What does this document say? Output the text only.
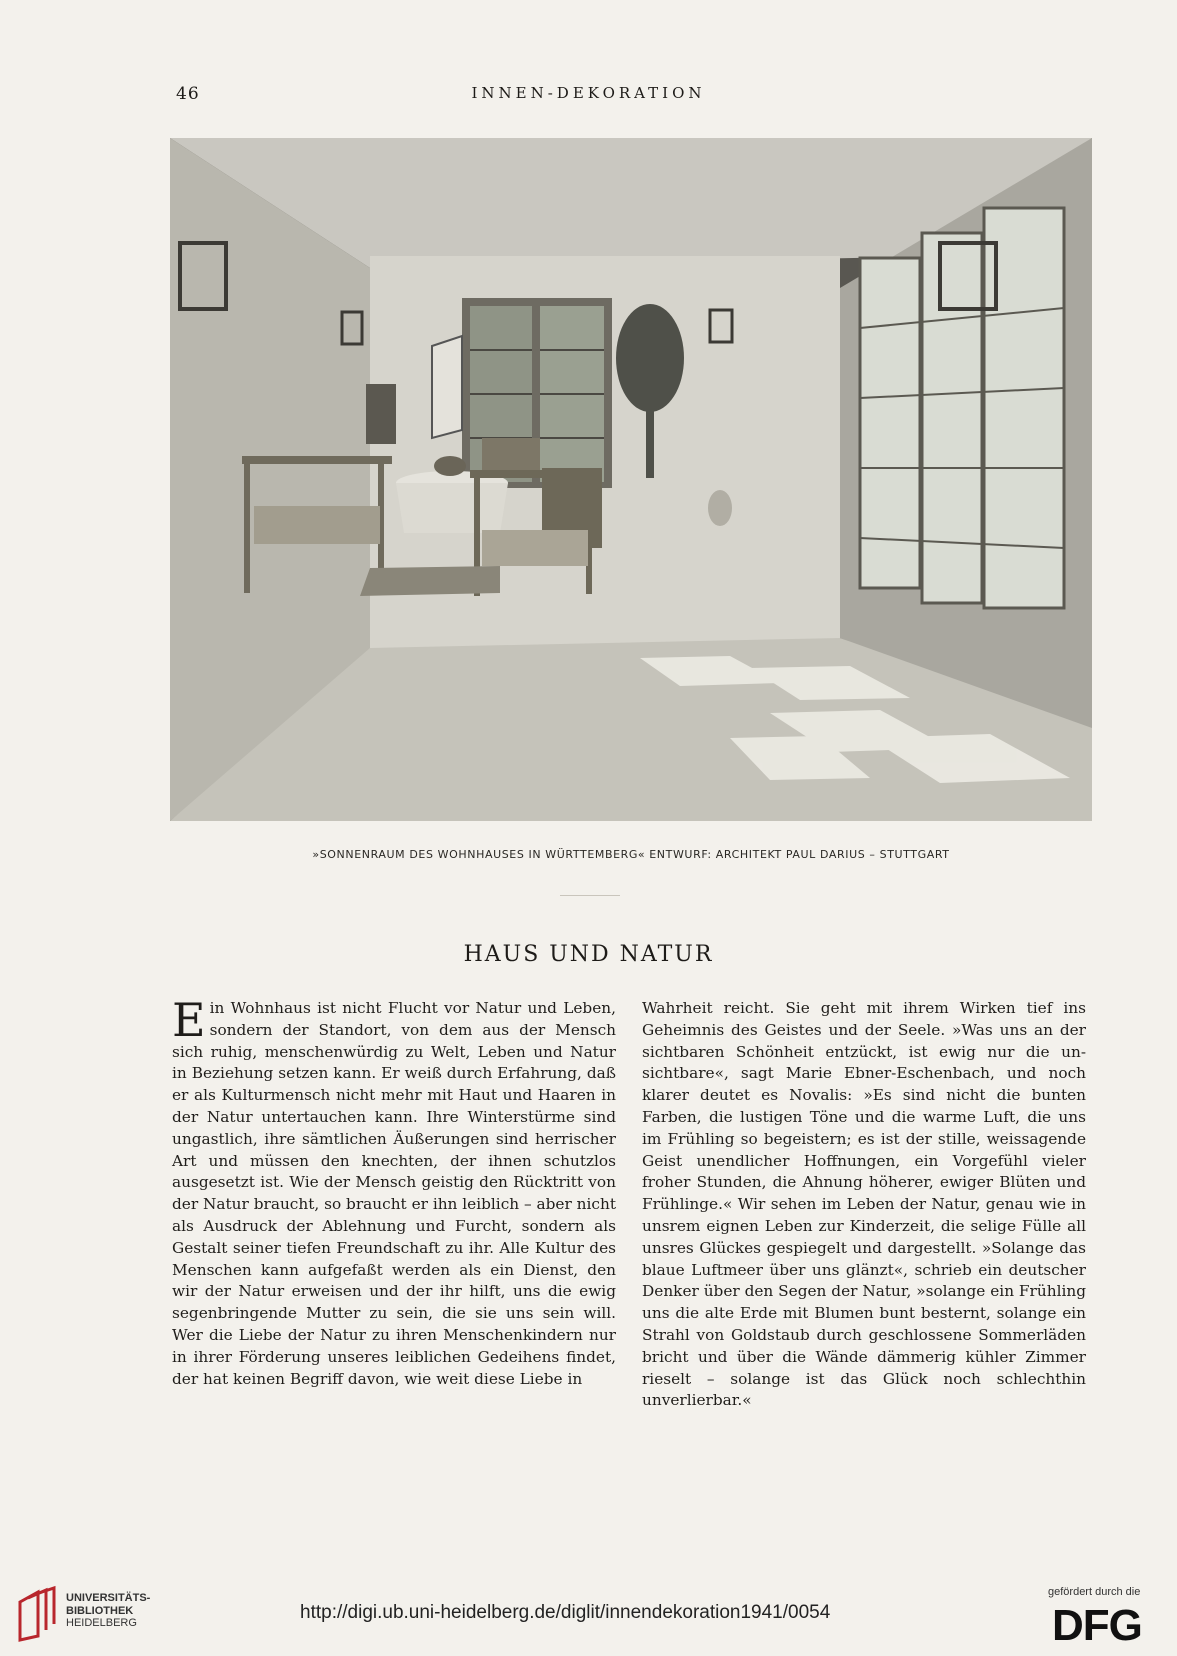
46	INNEN-DEKORATION
»SONNENRAUM DES WOHNHAUSES IN WÜRTTEMBERG« ENTWURF: ARCHITEKT PAUL DARIUS – STUTTGART
HAUS UND NATUR

Ein Wohnhaus ist nicht Flucht vor Natur und Leben, sondern der Standort, von dem aus der Mensch sich ruhig, menschenwürdig zu Welt, Leben und Natur in Beziehung setzen kann. Er weiß durch Erfahrung, daß er als Kulturmensch nicht mehr mit Haut und Haaren in der Natur untertauchen kann. Ihre Winterstürme sind ungastlich, ihre sämtlichen Äußerungen sind herrischer Art und müssen den knechten, der ihnen schutzlos ausgesetzt ist. Wie der Mensch geistig den Rücktritt von der Natur braucht, so braucht er ihn leiblich – aber nicht als Ausdruck der Ablehnung und Furcht, sondern als Gestalt seiner tiefen Freundschaft zu ihr. Alle Kultur des Menschen kann aufgefaßt werden als ein Dienst, den wir der Natur erweisen und der ihr hilft, uns die ewig segenbringende Mutter zu sein, die sie uns sein will. Wer die Liebe der Natur zu ihren Menschenkindern nur in ihrer Förderung unseres leiblichen Gedeihens findet, der hat keinen Begriff davon, wie weit diese Liebe in

Wahrheit reicht. Sie geht mit ihrem Wirken tief ins Geheimnis des Geistes und der Seele. »Was uns an der sichtbaren Schönheit entzückt, ist ewig nur die unsichtbare«, sagt Marie Ebner-Eschenbach, und noch klarer deutet es Novalis: »Es sind nicht die bunten Farben, die lustigen Töne und die warme Luft, die uns im Frühling so begeistern; es ist der stille, weissagende Geist unendlicher Hoffnungen, ein Vorgefühl vieler froher Stunden, die Ahnung höherer, ewiger Blüten und Frühlinge.« Wir sehen im Leben der Natur, genau wie in unsrem eignen Leben zur Kinderzeit, die selige Fülle all unsres Glückes gespiegelt und dargestellt. »Solange das blaue Luftmeer über uns glänzt«, schrieb ein deutscher Denker über den Segen der Natur, »solange ein Frühling uns die alte Erde mit Blumen bunt besternt, solange ein Strahl von Goldstaub durch geschlossene Sommerläden bricht und über die Wände dämmerig kühler Zimmer rieselt – solange ist das Glück noch schlechthin unverlierbar.«

UNIVERSITÄTS-
BIBLIOTHEK
HEIDELBERG	http://digi.ub.uni-heidelberg.de/diglit/innendekoration1941/0054
gefördert durch die
DFG
